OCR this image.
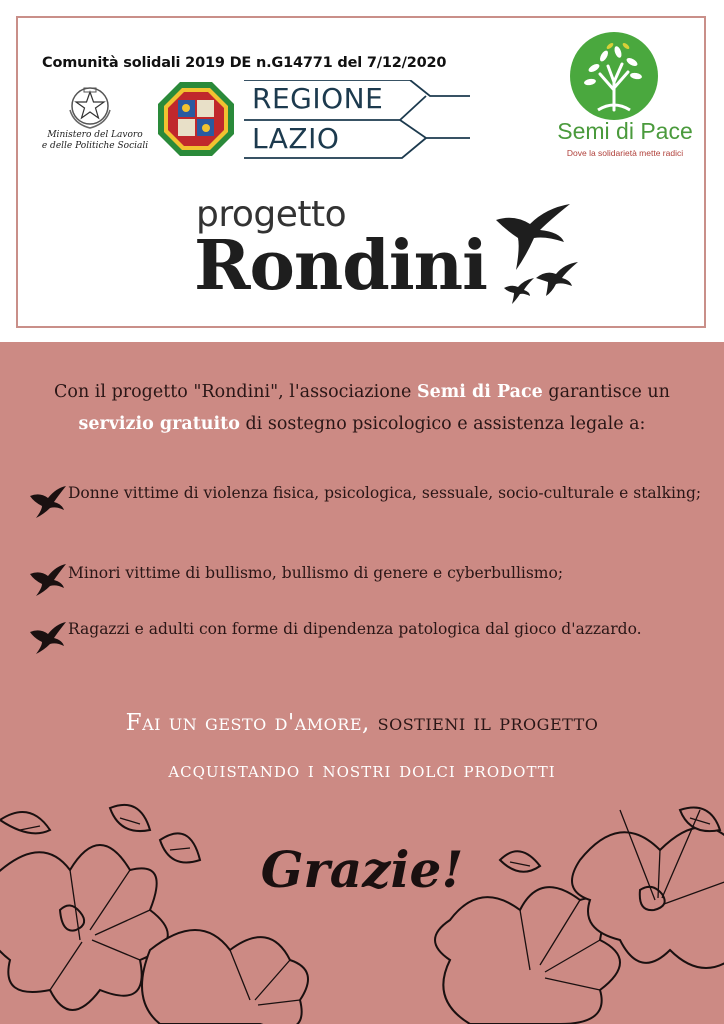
Comunità solidali 2019 DE n.G14771 del 7/12/2020
Ministero del Lavoro
e delle Politiche Sociali
REGIONE
LAZIO	Semi di Pace
Dove la solidarietà mette radici
progetto
Rondini
Con il progetto "Rondini", l'associazione Semi di Pace garantisce un servizio gratuito di sostegno psicologico e assistenza legale a:
Donne vittime di violenza fisica, psicologica, sessuale, socio-culturale e stalking;
Minori vittime di bullismo, bullismo di genere e cyberbullismo;
Ragazzi e adulti con forme di dipendenza patologica dal gioco d'azzardo.
Fai un gesto d'amore, sostieni il progetto
acquistando i nostri dolci prodotti
Grazie!
